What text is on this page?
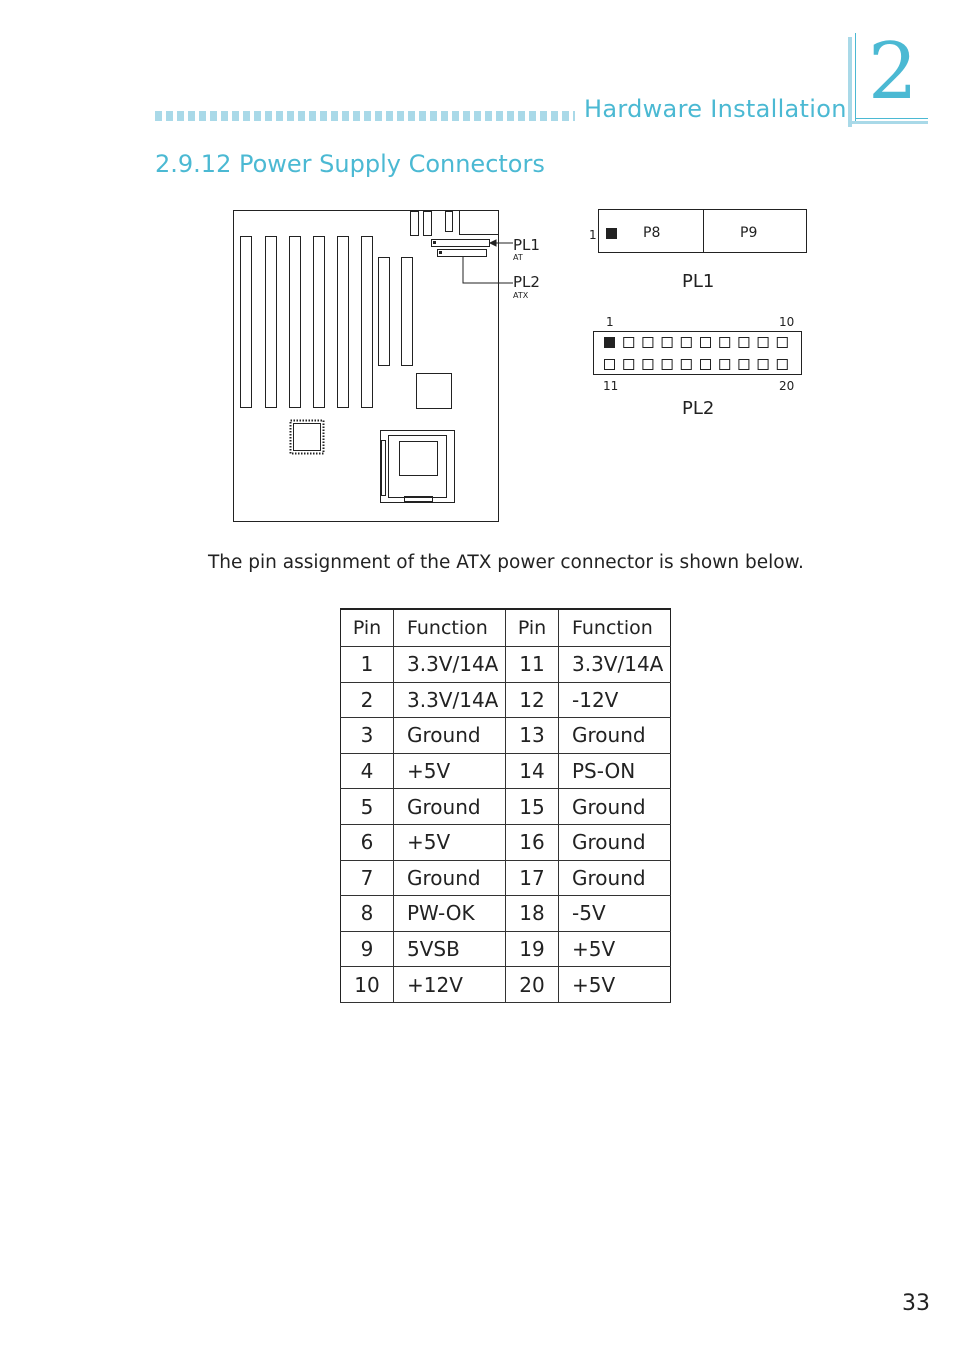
Hardware Installation 2
2.9.12 Power Supply Connectors
PL1
AT
PL2
ATX
1	P8	P9
PL1
1	10
11	20
PL2
The pin assignment of the ATX power connector is shown below.
Pin	Function	Pin	Function
1	3.3V/14A	11	3.3V/14A
2	3.3V/14A	12	-12V
3	Ground	13	Ground
4	+5V	14	PS-ON
5	Ground	15	Ground
6	+5V	16	Ground
7	Ground	17	Ground
8	PW-OK	18	-5V
9	5VSB	19	+5V
10	+12V	20	+5V
33
